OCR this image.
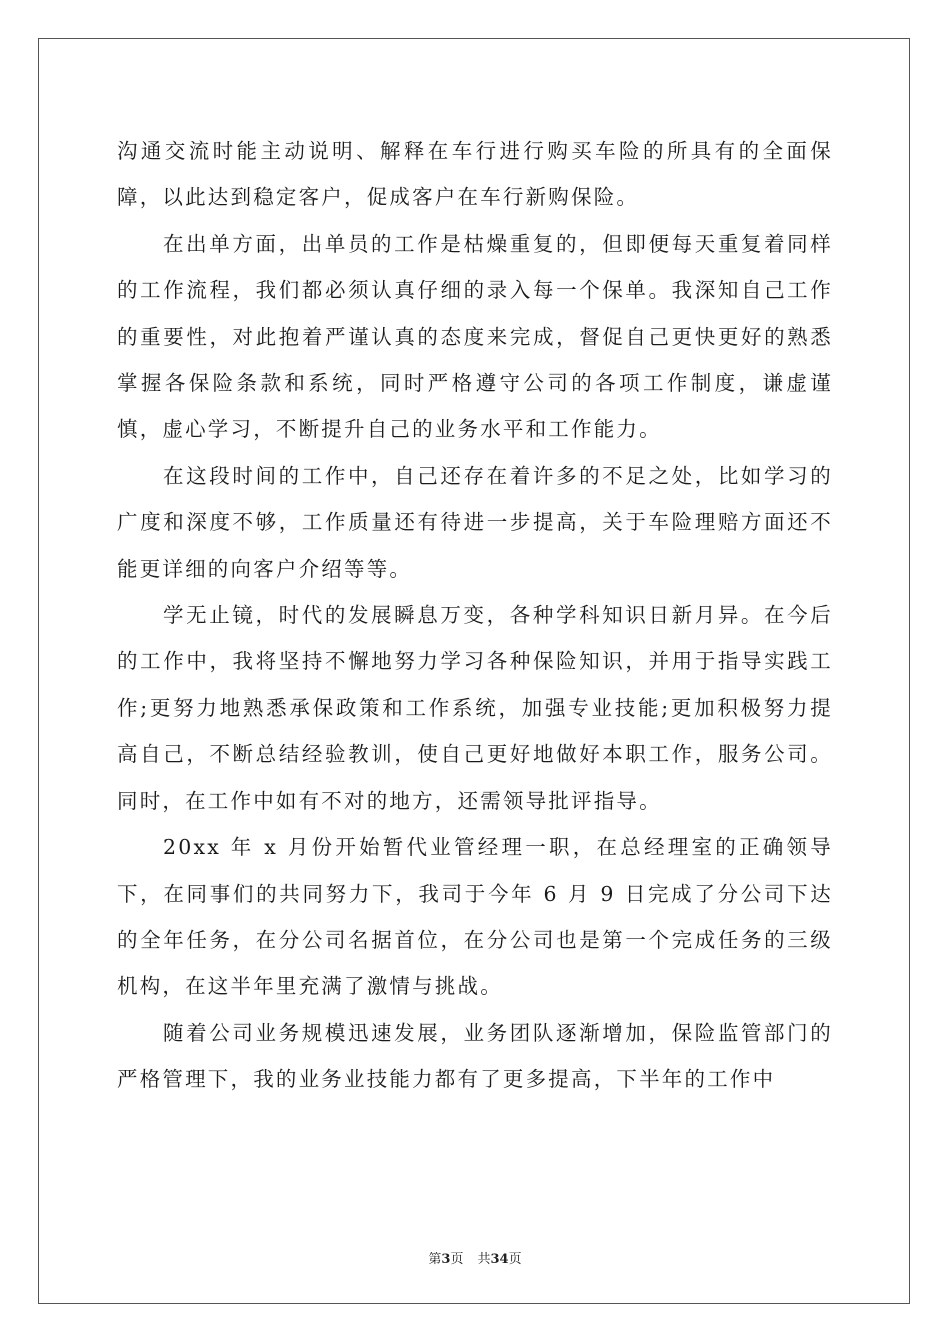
沟通交流时能主动说明、解释在车行进行购买车险的所具有的全面保障，以此达到稳定客户，促成客户在车行新购保险。

在出单方面，出单员的工作是枯燥重复的，但即便每天重复着同样的工作流程，我们都必须认真仔细的录入每一个保单。我深知自己工作的重要性，对此抱着严谨认真的态度来完成，督促自己更快更好的熟悉掌握各保险条款和系统，同时严格遵守公司的各项工作制度，谦虚谨慎，虚心学习，不断提升自己的业务水平和工作能力。

在这段时间的工作中，自己还存在着许多的不足之处，比如学习的广度和深度不够，工作质量还有待进一步提高，关于车险理赔方面还不能更详细的向客户介绍等等。

学无止镜，时代的发展瞬息万变，各种学科知识日新月异。在今后的工作中，我将坚持不懈地努力学习各种保险知识，并用于指导实践工作;更努力地熟悉承保政策和工作系统，加强专业技能;更加积极努力提高自己，不断总结经验教训，使自己更好地做好本职工作，服务公司。同时，在工作中如有不对的地方，还需领导批评指导。

20xx 年 x 月份开始暂代业管经理一职，在总经理室的正确领导下，在同事们的共同努力下，我司于今年 6 月 9 日完成了分公司下达的全年任务，在分公司名据首位，在分公司也是第一个完成任务的三级机构，在这半年里充满了激情与挑战。

随着公司业务规模迅速发展，业务团队逐渐增加，保险监管部门的严格管理下，我的业务业技能力都有了更多提高，下半年的工作中

第3页 共34页
